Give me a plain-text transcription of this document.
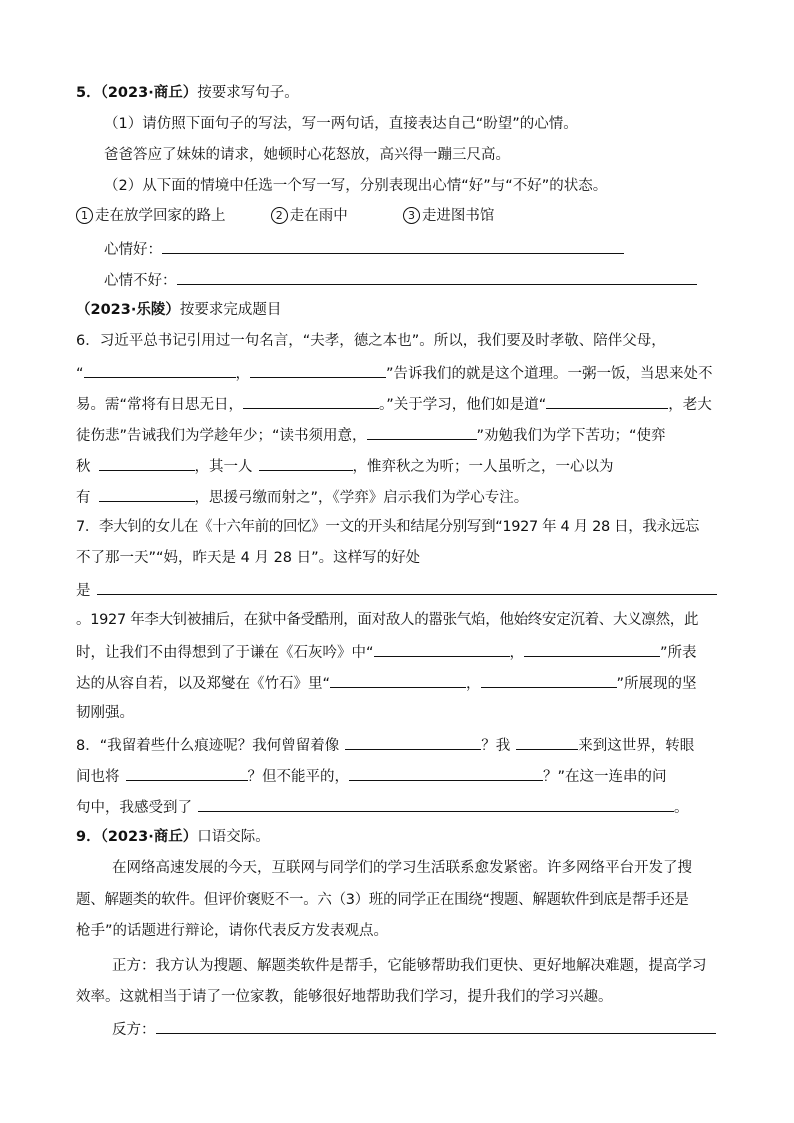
5．（2023·商丘）按要求写句子。
（1）请仿照下面句子的写法，写一两句话，直接表达自己“盼望”的心情。
爸爸答应了妹妹的请求，她顿时心花怒放，高兴得一蹦三尺高。
（2）从下面的情境中任选一个写一写，分别表现出心情“好”与“不好”的状态。
1 走在放学回家的路上	2 走在雨中	3 走进图书馆
心情好：
心情不好：
（2023·乐陵）按要求完成题目
6．习近平总书记引用过一句名言，“夫孝，德之本也”。所以，我们要及时孝敬、陪伴父母，
“	，	”告诉我们的就是这个道理。一粥一饭，当思来处不
易。需“常将有日思无日，	。”关于学习，他们如是道“	，老大
徒伤悲”告诫我们为学趁年少；“读书须用意，	”劝勉我们为学下苦功；“使弈
秋	，其一人	，惟弈秋之为听；一人虽听之，一心以为
有	，思援弓缴而射之”，《学弈》启示我们为学心专注。
7．李大钊的女儿在《十六年前的回忆》一文的开头和结尾分别写到“1927 年 4 月 28 日，我永远忘
不了那一天”“妈，昨天是 4 月 28 日”。这样写的好处
是
。1927 年李大钊被捕后，在狱中备受酷刑，面对敌人的嚣张气焰，他始终安定沉着、大义凛然，此
时，让我们不由得想到了于谦在《石灰吟》中“	，	”所表
达的从容自若，以及郑燮在《竹石》里“	，	”所展现的坚
韧刚强。
8．“我留着些什么痕迹呢？我何曾留着像	？我	来到这世界，转眼
间也将	？但不能平的，	？”在这一连串的问
句中，我感受到了	。
9．（2023·商丘）口语交际。
在网络高速发展的今天，互联网与同学们的学习生活联系愈发紧密。许多网络平台开发了搜
题、解题类的软件。但评价褒贬不一。六（3）班的同学正在围绕“搜题、解题软件到底是帮手还是
枪手”的话题进行辩论，请你代表反方发表观点。
正方：我方认为搜题、解题类软件是帮手，它能够帮助我们更快、更好地解决难题，提高学习
效率。这就相当于请了一位家教，能够很好地帮助我们学习，提升我们的学习兴趣。
反方：
